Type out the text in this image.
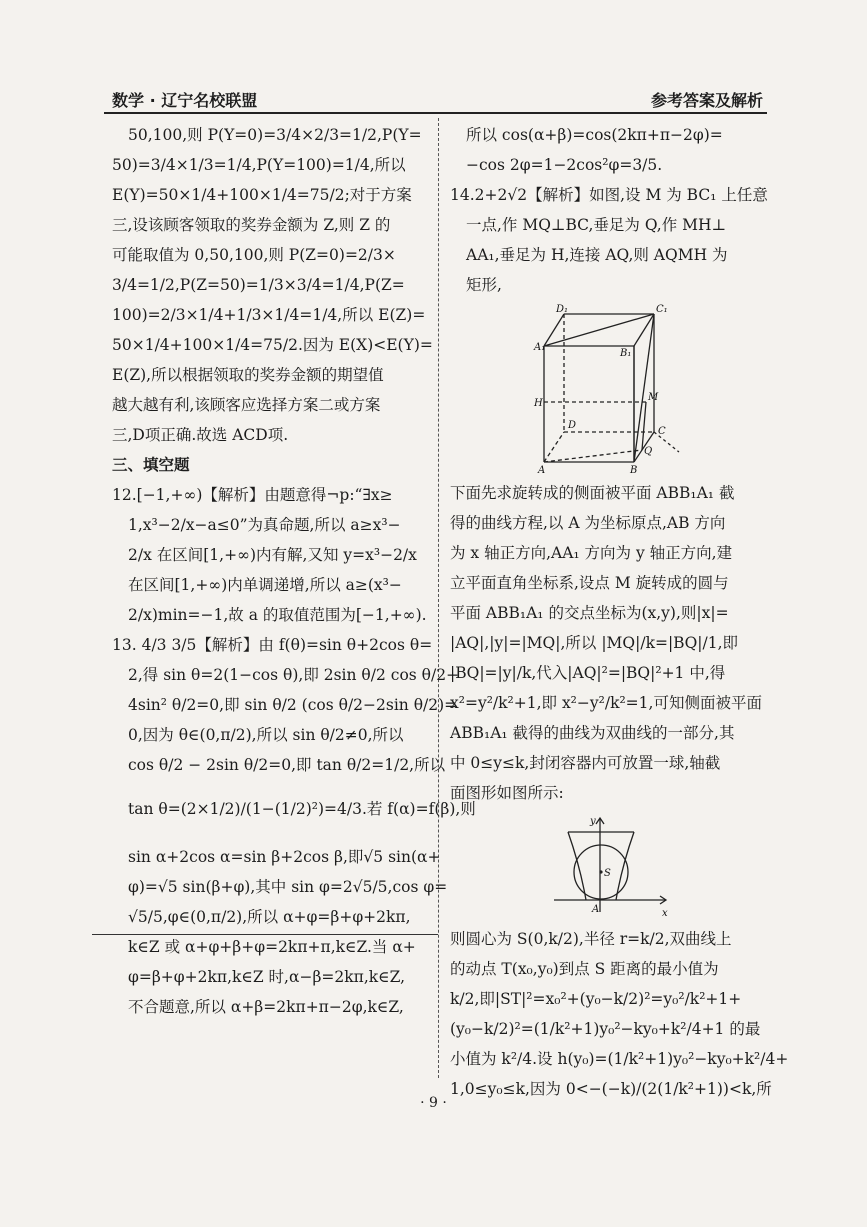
数学 · 辽宁名校联盟	参考答案及解析
50,100,则 P(Y=0)=3/4×2/3=1/2,P(Y=
50)=3/4×1/3=1/4,P(Y=100)=1/4,所以
E(Y)=50×1/4+100×1/4=75/2;对于方案
三,设该顾客领取的奖券金额为 Z,则 Z 的
可能取值为 0,50,100,则 P(Z=0)=2/3×
3/4=1/2,P(Z=50)=1/3×3/4=1/4,P(Z=
100)=2/3×1/4+1/3×1/4=1/4,所以 E(Z)=
50×1/4+100×1/4=75/2.因为 E(X)<E(Y)=
E(Z),所以根据领取的奖券金额的期望值
越大越有利,该顾客应选择方案二或方案
三,D项正确.故选 ACD项.
三、填空题
12.[−1,+∞)【解析】由题意得¬p:“∃x≥
1,x³−2/x−a≤0”为真命题,所以 a≥x³−
2/x 在区间[1,+∞)内有解,又知 y=x³−2/x
在区间[1,+∞)内单调递增,所以 a≥(x³−
2/x)min=−1,故 a 的取值范围为[−1,+∞).
13. 4/3 3/5【解析】由 f(θ)=sin θ+2cos θ=
2,得 sin θ=2(1−cos θ),即 2sin θ/2 cos θ/2−
4sin² θ/2=0,即 sin θ/2 (cos θ/2−2sin θ/2)=
0,因为 θ∈(0,π/2),所以 sin θ/2≠0,所以
cos θ/2 − 2sin θ/2=0,即 tan θ/2=1/2,所以
tan θ=(2×1/2)/(1−(1/2)²)=4/3.若 f(α)=f(β),则
sin α+2cos α=sin β+2cos β,即√5 sin(α+
φ)=√5 sin(β+φ),其中 sin φ=2√5/5,cos φ=
√5/5,φ∈(0,π/2),所以 α+φ=β+φ+2kπ,
k∈Z 或 α+φ+β+φ=2kπ+π,k∈Z.当 α+
φ=β+φ+2kπ,k∈Z 时,α−β=2kπ,k∈Z,
不合题意,所以 α+β=2kπ+π−2φ,k∈Z,
所以 cos(α+β)=cos(2kπ+π−2φ)=
−cos 2φ=1−2cos²φ=3/5.
14.2+2√2【解析】如图,设 M 为 BC₁ 上任意
一点,作 MQ⊥BC,垂足为 Q,作 MH⊥
AA₁,垂足为 H,连接 AQ,则 AQMH 为
矩形,
D₁	C₁
A₁
B₁
M
H
D
C
Q
A	B
下面先求旋转成的侧面被平面 ABB₁A₁ 截
得的曲线方程,以 A 为坐标原点,AB 方向
为 x 轴正方向,AA₁ 方向为 y 轴正方向,建
立平面直角坐标系,设点 M 旋转成的圆与
平面 ABB₁A₁ 的交点坐标为(x,y),则|x|=
|AQ|,|y|=|MQ|,所以 |MQ|/k=|BQ|/1,即
|BQ|=|y|/k,代入|AQ|²=|BQ|²+1 中,得
x²=y²/k²+1,即 x²−y²/k²=1,可知侧面被平面
ABB₁A₁ 截得的曲线为双曲线的一部分,其
中 0≤y≤k,封闭容器内可放置一球,轴截
面图形如图所示:
y
S
A	x
则圆心为 S(0,k/2),半径 r=k/2,双曲线上
的动点 T(x₀,y₀)到点 S 距离的最小值为
k/2,即|ST|²=x₀²+(y₀−k/2)²=y₀²/k²+1+
(y₀−k/2)²=(1/k²+1)y₀²−ky₀+k²/4+1 的最
小值为 k²/4.设 h(y₀)=(1/k²+1)y₀²−ky₀+k²/4+
1,0≤y₀≤k,因为 0<−(−k)/(2(1/k²+1))<k,所
· 9 ·
